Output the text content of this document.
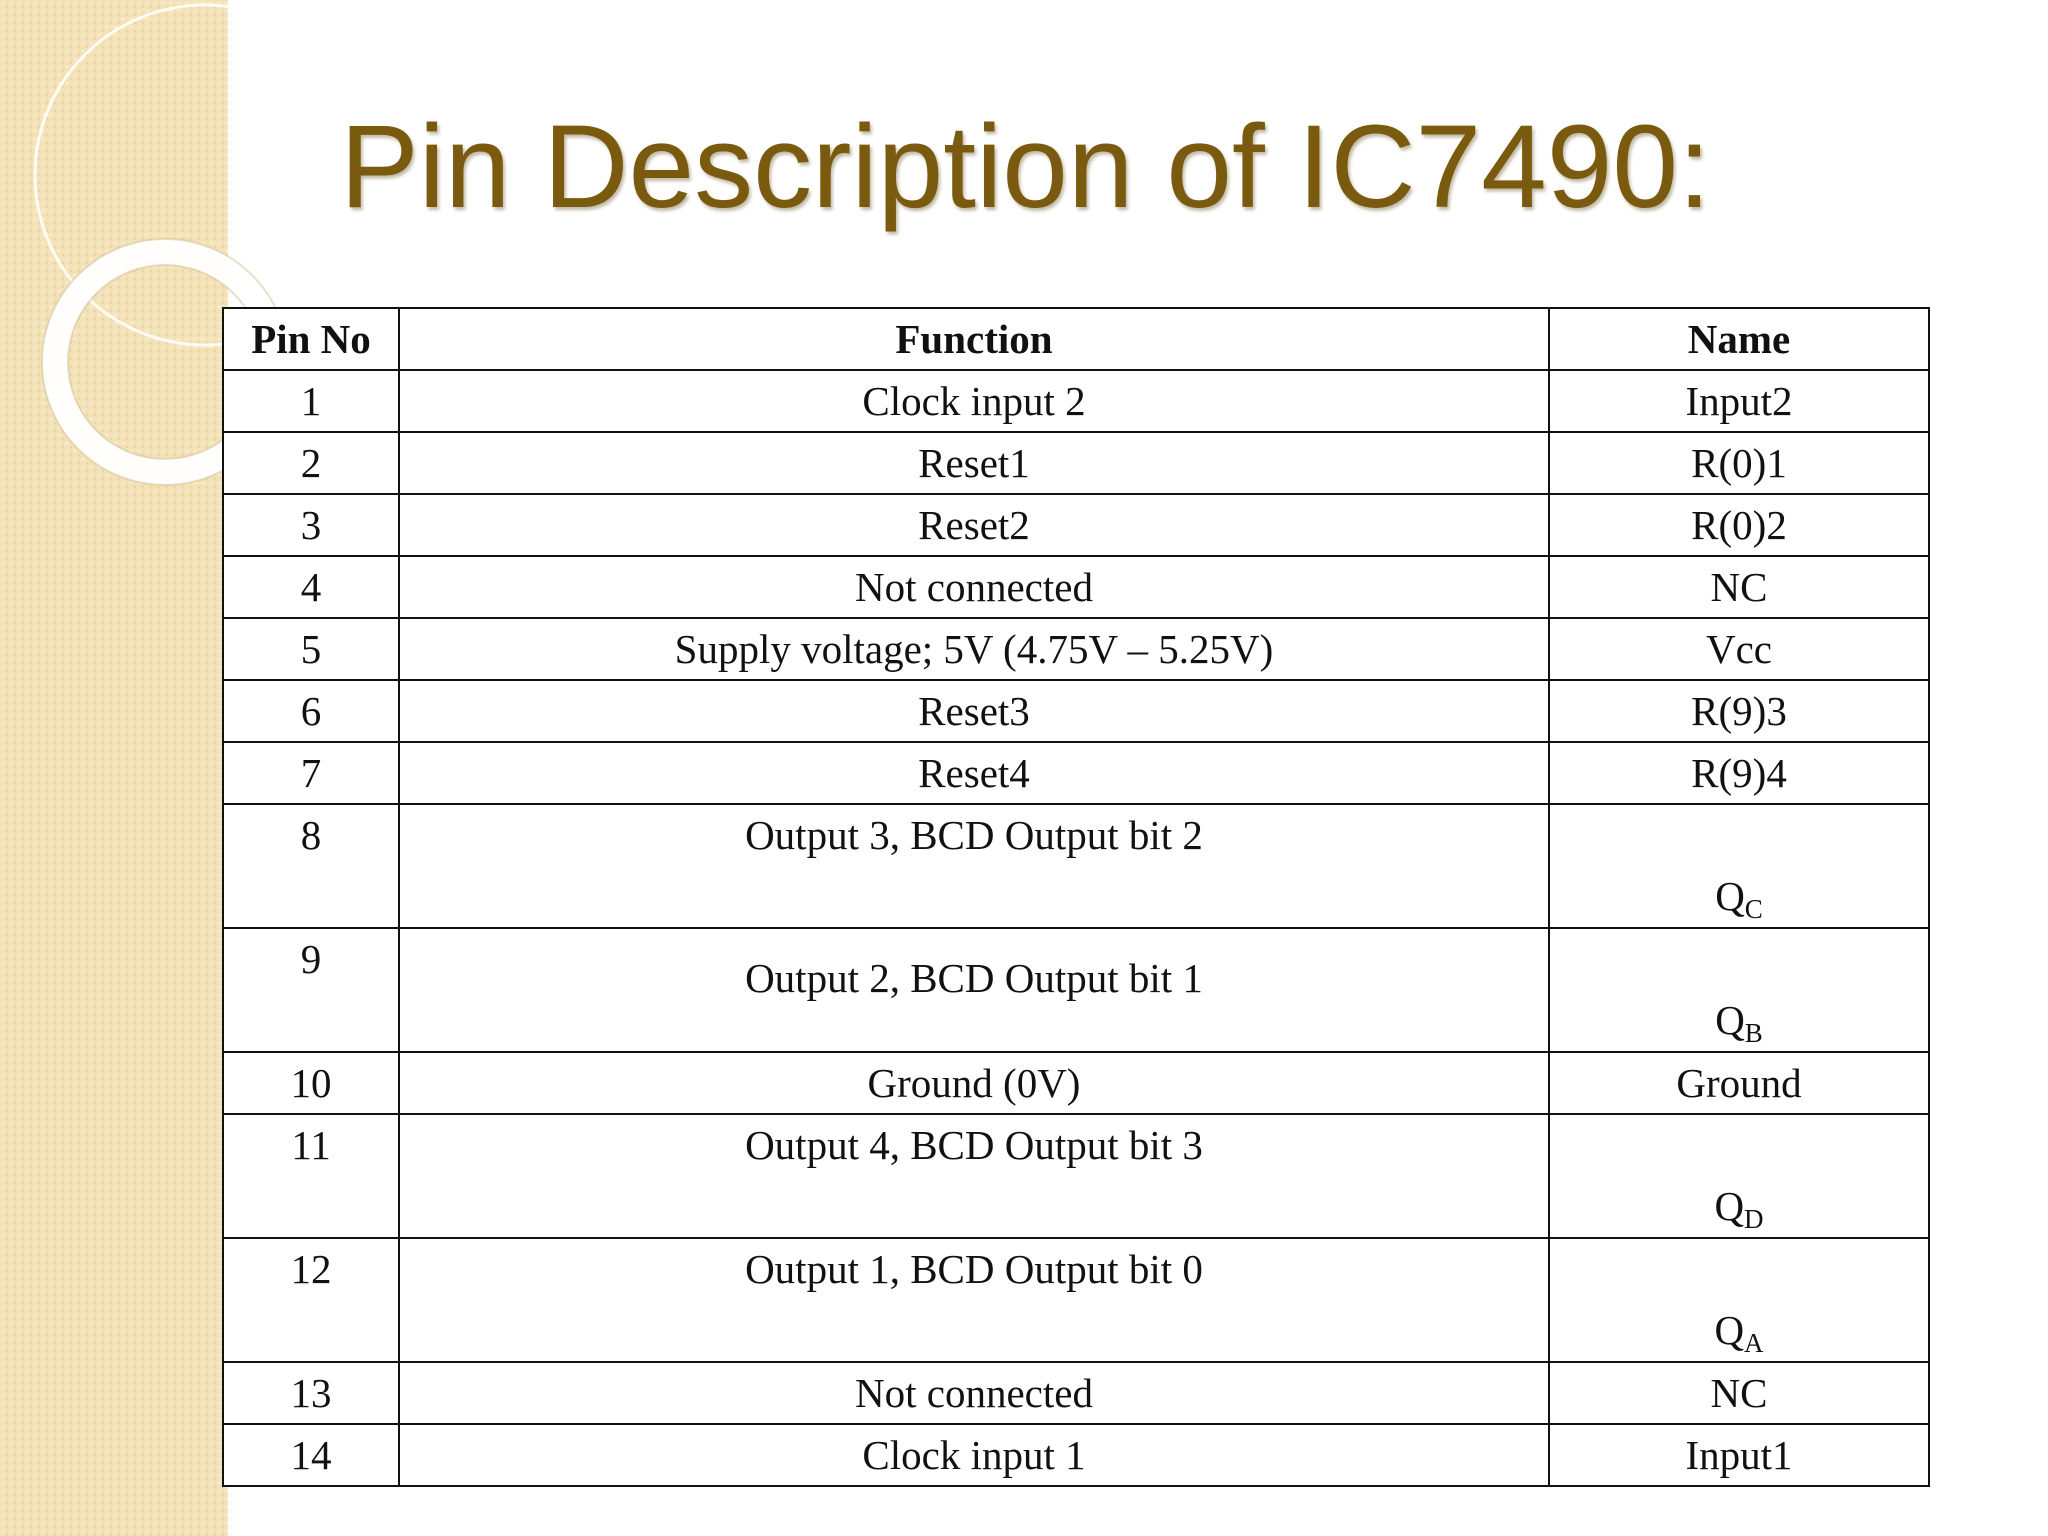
Pin Description of IC7490:
Pin No	Function	Name
1	Clock input 2	Input2
2	Reset1	R(0)1
3	Reset2	R(0)2
4	Not connected	NC
5	Supply voltage; 5V (4.75V – 5.25V)	Vcc
6	Reset3	R(9)3
7	Reset4	R(9)4

8	Output 3, BCD Output bit 2	$Q_C$

9	Output 2, BCD Output bit 1	$Q_B$
10	Ground (0V)	Ground

11	Output 4, BCD Output bit 3	$Q_D$

12	Output 1, BCD Output bit 0	$Q_A$
13	Not connected	NC
14	Clock input 1	Input1
